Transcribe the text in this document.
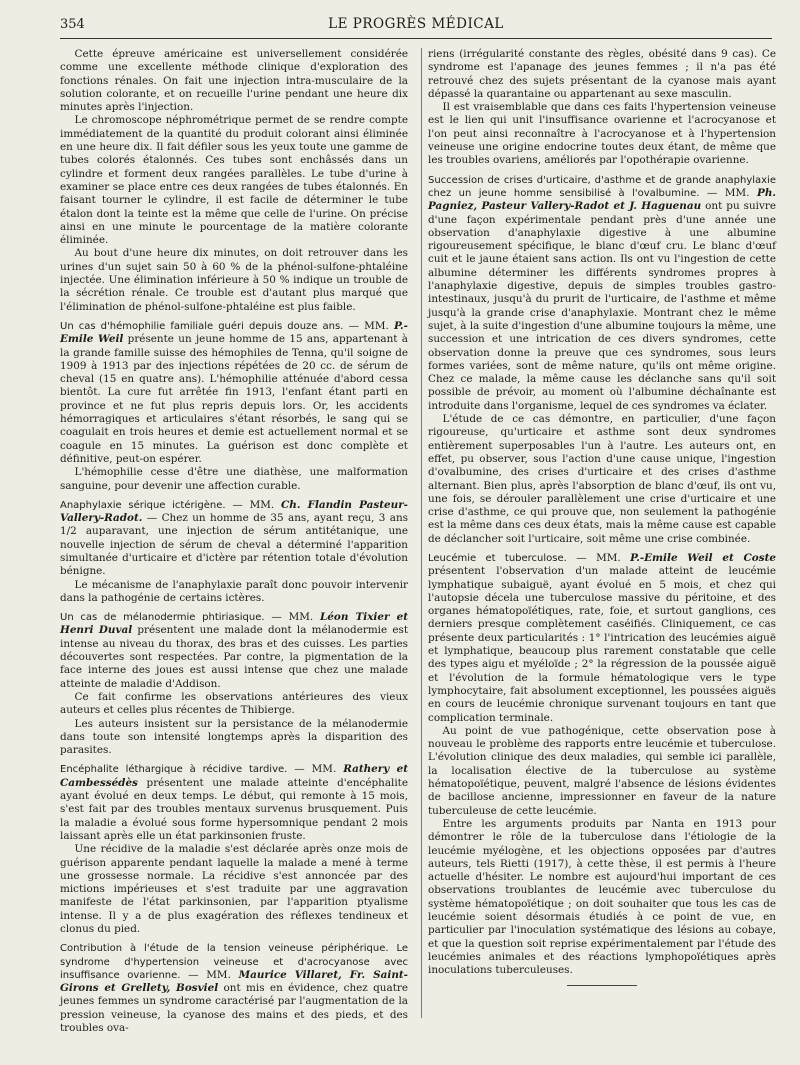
354	LE PROGRÈS MÉDICAL

Cette épreuve américaine est universellement considérée comme une excellente méthode clinique d'exploration des fonctions rénales. On fait une injection intra-musculaire de la solution colorante, et on recueille l'urine pendant une heure dix minutes après l'injection.

Le chromoscope néphrométrique permet de se rendre compte immédiatement de la quantité du produit colorant ainsi éliminée en une heure dix. Il fait défiler sous les yeux toute une gamme de tubes colorés étalonnés. Ces tubes sont enchâssés dans un cylindre et forment deux rangées parallèles. Le tube d'urine à examiner se place entre ces deux rangées de tubes étalonnés. En faisant tourner le cylindre, il est facile de déterminer le tube étalon dont la teinte est la même que celle de l'urine. On précise ainsi en une minute le pourcentage de la matière colorante éliminée.

Au bout d'une heure dix minutes, on doit retrouver dans les urines d'un sujet sain 50 à 60 % de la phénol-sulfone-phtaléine injectée. Une élimination inférieure à 50 % indique un trouble de la sécrétion rénale. Ce trouble est d'autant plus marqué que l'élimination de phénol-sulfone-phtaléine est plus faible.

Un cas d'hémophilie familiale guéri depuis douze ans. — MM. P.-Emile Weil présente un jeune homme de 15 ans, appartenant à la grande famille suisse des hémophiles de Tenna, qu'il soigne de 1909 à 1913 par des injections répétées de 20 cc. de sérum de cheval (15 en quatre ans). L'hémophilie atténuée d'abord cessa bientôt. La cure fut arrêtée fin 1913, l'enfant étant parti en province et ne fut plus repris depuis lors. Or, les accidents hémorragiques et articulaires s'étant résorbés, le sang qui se coagulait en trois heures et demie est actuellement normal et se coagule en 15 minutes. La guérison est donc complète et définitive, peut-on espérer.

L'hémophilie cesse d'être une diathèse, une malformation sanguine, pour devenir une affection curable.

Anaphylaxie sérique ictérigène. — MM. Ch. Flandin Pasteur-Vallery-Radot. — Chez un homme de 35 ans, ayant reçu, 3 ans 1/2 auparavant, une injection de sérum antitétanique, une nouvelle injection de sérum de cheval a déterminé l'apparition simultanée d'urticaire et d'ictère par rétention totale d'évolution bénigne.

Le mécanisme de l'anaphylaxie paraît donc pouvoir intervenir dans la pathogénie de certains ictères.

Un cas de mélanodermie phtiriasique. — MM. Léon Tixier et Henri Duval présentent une malade dont la mélanodermie est intense au niveau du thorax, des bras et des cuisses. Les parties découvertes sont respectées. Par contre, la pigmentation de la face interne des joues est aussi intense que chez une malade atteinte de maladie d'Addison.

Ce fait confirme les observations antérieures des vieux auteurs et celles plus récentes de Thibierge.

Les auteurs insistent sur la persistance de la mélanodermie dans toute son intensité longtemps après la disparition des parasites.

Encéphalite léthargique à récidive tardive. — MM. Rathery et Cambessédès présentent une malade atteinte d'encéphalite ayant évolué en deux temps. Le début, qui remonte à 15 mois, s'est fait par des troubles mentaux survenus brusquement. Puis la maladie a évolué sous forme hypersomnique pendant 2 mois laissant après elle un état parkinsonien fruste.

Une récidive de la maladie s'est déclarée après onze mois de guérison apparente pendant laquelle la malade a mené à terme une grossesse normale. La récidive s'est annoncée par des mictions impérieuses et s'est traduite par une aggravation manifeste de l'état parkinsonien, par l'apparition ptyalisme intense. Il y a de plus exagération des réflexes tendineux et clonus du pied.

Contribution à l'étude de la tension veineuse périphérique. Le syndrome d'hypertension veineuse et d'acrocyanose avec insuffisance ovarienne. — MM. Maurice Villaret, Fr. Saint-Girons et Grellety, Bosviel ont mis en évidence, chez quatre jeunes femmes un syndrome caractérisé par l'augmentation de la pression veineuse, la cyanose des mains et des pieds, et des troubles ova-

riens (irrégularité constante des règles, obésité dans 9 cas). Ce syndrome est l'apanage des jeunes femmes ; il n'a pas été retrouvé chez des sujets présentant de la cyanose mais ayant dépassé la quarantaine ou appartenant au sexe masculin.

Il est vraisemblable que dans ces faits l'hypertension veineuse est le lien qui unit l'insuffisance ovarienne et l'acrocyanose et l'on peut ainsi reconnaître à l'acrocyanose et à l'hypertension veineuse une origine endocrine toutes deux étant, de même que les troubles ovariens, améliorés par l'opothérapie ovarienne.

Succession de crises d'urticaire, d'asthme et de grande anaphylaxie chez un jeune homme sensibilisé à l'ovalbumine. — MM. Ph. Pagniez, Pasteur Vallery-Radot et J. Haguenau ont pu suivre d'une façon expérimentale pendant près d'une année une observation d'anaphylaxie digestive à une albumine rigoureusement spécifique, le blanc d'œuf cru. Le blanc d'œuf cuit et le jaune étaient sans action. Ils ont vu l'ingestion de cette albumine déterminer les différents syndromes propres à l'anaphylaxie digestive, depuis de simples troubles gastro-intestinaux, jusqu'à du prurit de l'urticaire, de l'asthme et même jusqu'à la grande crise d'anaphylaxie. Montrant chez le même sujet, à la suite d'ingestion d'une albumine toujours la même, une succession et une intrication de ces divers syndromes, cette observation donne la preuve que ces syndromes, sous leurs formes variées, sont de même nature, qu'ils ont même origine. Chez ce malade, la même cause les déclanche sans qu'il soit possible de prévoir, au moment où l'albumine déchaînante est introduite dans l'organisme, lequel de ces syndromes va éclater.

L'étude de ce cas démontre, en particulier, d'une façon rigoureuse, qu'urticaire et asthme sont deux syndromes entièrement superposables l'un à l'autre. Les auteurs ont, en effet, pu observer, sous l'action d'une cause unique, l'ingestion d'ovalbumine, des crises d'urticaire et des crises d'asthme alternant. Bien plus, après l'absorption de blanc d'œuf, ils ont vu, une fois, se dérouler parallèlement une crise d'urticaire et une crise d'asthme, ce qui prouve que, non seulement la pathogénie est la même dans ces deux états, mais la même cause est capable de déclancher soit l'urticaire, soit même une crise combinée.

Leucémie et tuberculose. — MM. P.-Emile Weil et Coste présentent l'observation d'un malade atteint de leucémie lymphatique subaiguë, ayant évolué en 5 mois, et chez qui l'autopsie décela une tuberculose massive du péritoine, et des organes hématopoïétiques, rate, foie, et surtout ganglions, ces derniers presque complètement caséifiés. Cliniquement, ce cas présente deux particularités : 1° l'intrication des leucémies aiguë et lymphatique, beaucoup plus rarement constatable que celle des types aigu et myéloïde ; 2° la régression de la poussée aiguë et l'évolution de la formule hématologique vers le type lymphocytaire, fait absolument exceptionnel, les poussées aiguës en cours de leucémie chronique survenant toujours en tant que complication terminale.

Au point de vue pathogénique, cette observation pose à nouveau le problème des rapports entre leucémie et tuberculose. L'évolution clinique des deux maladies, qui semble ici parallèle, la localisation élective de la tuberculose au système hématopoïétique, peuvent, malgré l'absence de lésions évidentes de bacillose ancienne, impressionner en faveur de la nature tuberculeuse de cette leucémie.

Entre les arguments produits par Nanta en 1913 pour démontrer le rôle de la tuberculose dans l'étiologie de la leucémie myélogène, et les objections opposées par d'autres auteurs, tels Rietti (1917), à cette thèse, il est permis à l'heure actuelle d'hésiter. Le nombre est aujourd'hui important de ces observations troublantes de leucémie avec tuberculose du système hématopoïétique ; on doit souhaiter que tous les cas de leucémie soient désormais étudiés à ce point de vue, en particulier par l'inoculation systématique des lésions au cobaye, et que la question soit reprise expérimentalement par l'étude des leucémies animales et des réactions lymphopoïétiques après inoculations tuberculeuses.
